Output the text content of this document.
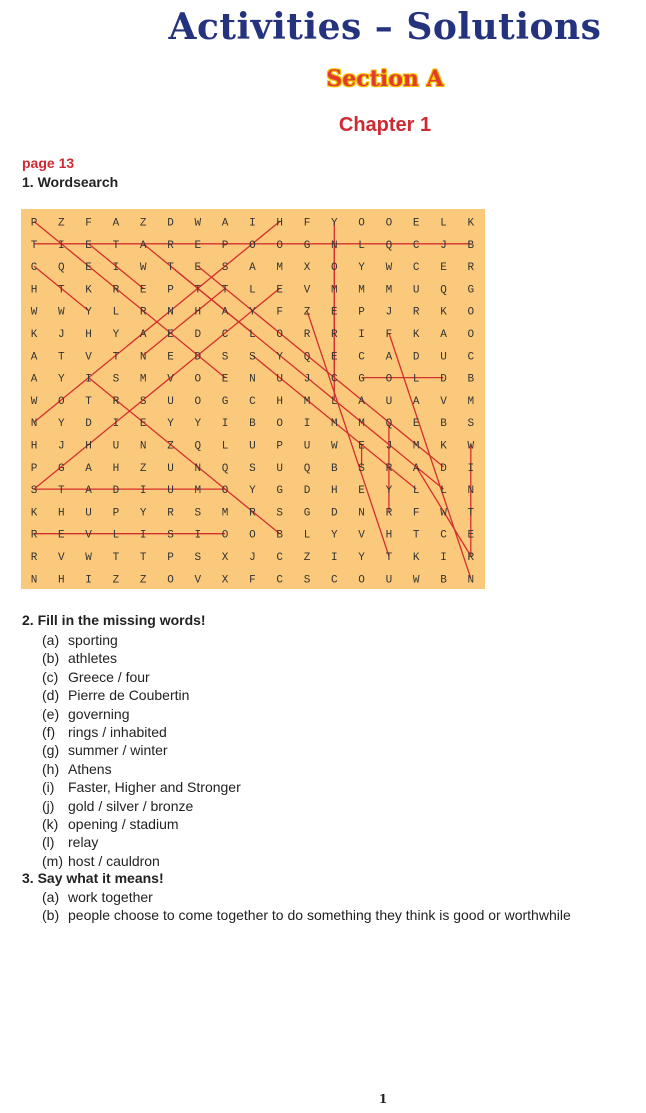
Activities – Solutions
Section A
Chapter 1
page 13
1. Wordsearch
P Z F A Z D W A I H F Y O O E L K
T I E T A R E P O O G N L Q C J B
C Q E I W T E S A M X O Y W C E R
H T K R E P T T L E V M M M U Q G
W W Y L R N H A Y F Z E P J R K O
K J H Y A E D C L O R R I F K A O
A T V T N E D S S Y Q E C A D U C
A Y I S M V O E N U J C G O L D B
W O T R S U O G C H M L A U A V M
N Y D I E Y Y I B O I M M Q E B S
H J H U N Z Q L U P U W E J M K W
P G A H Z U N Q S U Q B S R A D I
S T A D I U M O Y G D H E Y L L N
K H U P Y R S M R S G D N R F W T
R E V L I S I O O B L Y V H T C E
R V W T T P S X J C Z I Y T K I R
N H I Z Z O V X F C S C O U W B N
2. Fill in the missing words!
(a) sporting
(b) athletes
(c) Greece / four
(d) Pierre de Coubertin
(e) governing
(f) rings / inhabited
(g) summer / winter
(h) Athens
(i) Faster, Higher and Stronger
(j) gold / silver / bronze
(k) opening / stadium
(l) relay
(m) host / cauldron
3. Say what it means!
(a) work together
(b) people choose to come together to do something they think is good or worthwhile
1
